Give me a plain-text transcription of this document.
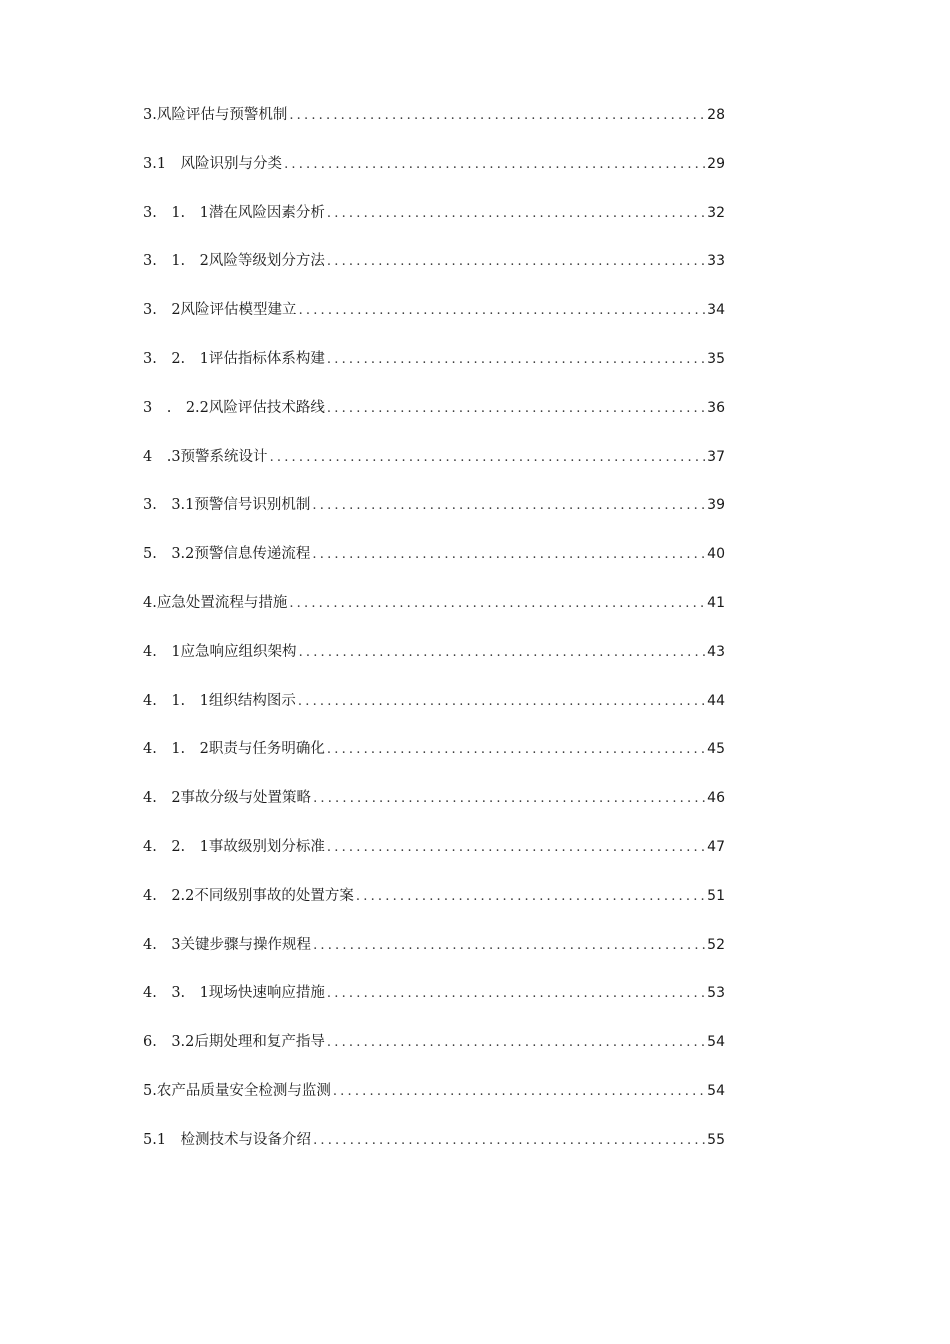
3.风险评估与预警机制 .....	28
3.1　风险识别与分类 .....	29
3.　1.　1潜在风险因素分析 .....	32
3.　1.　2风险等级划分方法 .....	33
3.　2风险评估模型建立 .....	34
3.　2.　1评估指标体系构建 .....	35
3　.　2.2风险评估技术路线 .....	36
4　.3预警系统设计 .....	37
3.　3.1预警信号识别机制 .....	39
5.　3.2预警信息传递流程 .....	40
4.应急处置流程与措施 .....	41
4.　1应急响应组织架构 .....	43
4.　1.　1组织结构图示 .....	44
4.　1.　2职责与任务明确化 .....	45
4.　2事故分级与处置策略 .....	46
4.　2.　1事故级别划分标准 .....	47
4.　2.2不同级别事故的处置方案 .....	51
4.　3关键步骤与操作规程 .....	52
4.　3.　1现场快速响应措施 .....	53
6.　3.2后期处理和复产指导 .....	54
5.农产品质量安全检测与监测 .....	54
5.1　检测技术与设备介绍 .....	55
